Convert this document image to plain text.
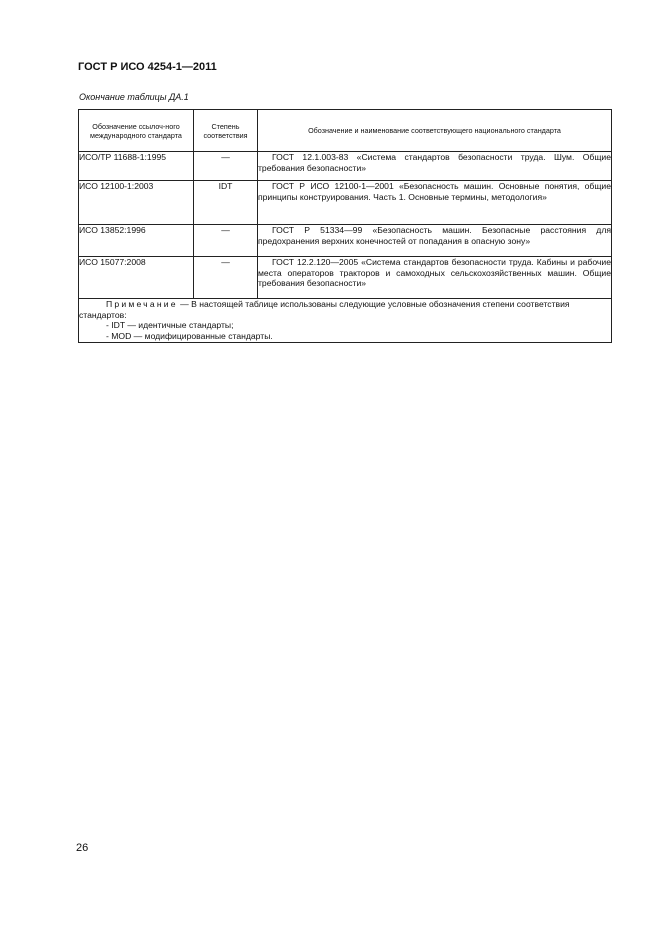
ГОСТ Р ИСО 4254-1—2011
Окончание таблицы ДА.1
Обозначение ссылоч-ного международного стандарта	Степень соответствия	Обозначение и наименование соответствующего национального стандарта
ИСО/ТР 11688-1:1995	—	ГОСТ 12.1.003-83 «Система стандартов безопасности труда. Шум. Общие требования безопасности»
ИСО 12100-1:2003	IDT	ГОСТ Р ИСО 12100-1—2001 «Безопасность машин. Основные понятия, общие принципы конструирования. Часть 1. Основные термины, методология»
ИСО 13852:1996	—	ГОСТ Р 51334—99 «Безопасность машин. Безопасные расстояния для предохранения верхних конечностей от попадания в опасную зону»
ИСО 15077:2008	—	ГОСТ 12.2.120—2005 «Система стандартов безопасности труда. Кабины и рабочие места операторов тракторов и самоходных сельскохозяйственных машин. Общие требования безопасности»

Примечание — В настоящей таблице использованы следующие условные обозначения степени соответствия стандартов:
- IDT — идентичные стандарты;
- MOD — модифицированные стандарты.		
26
